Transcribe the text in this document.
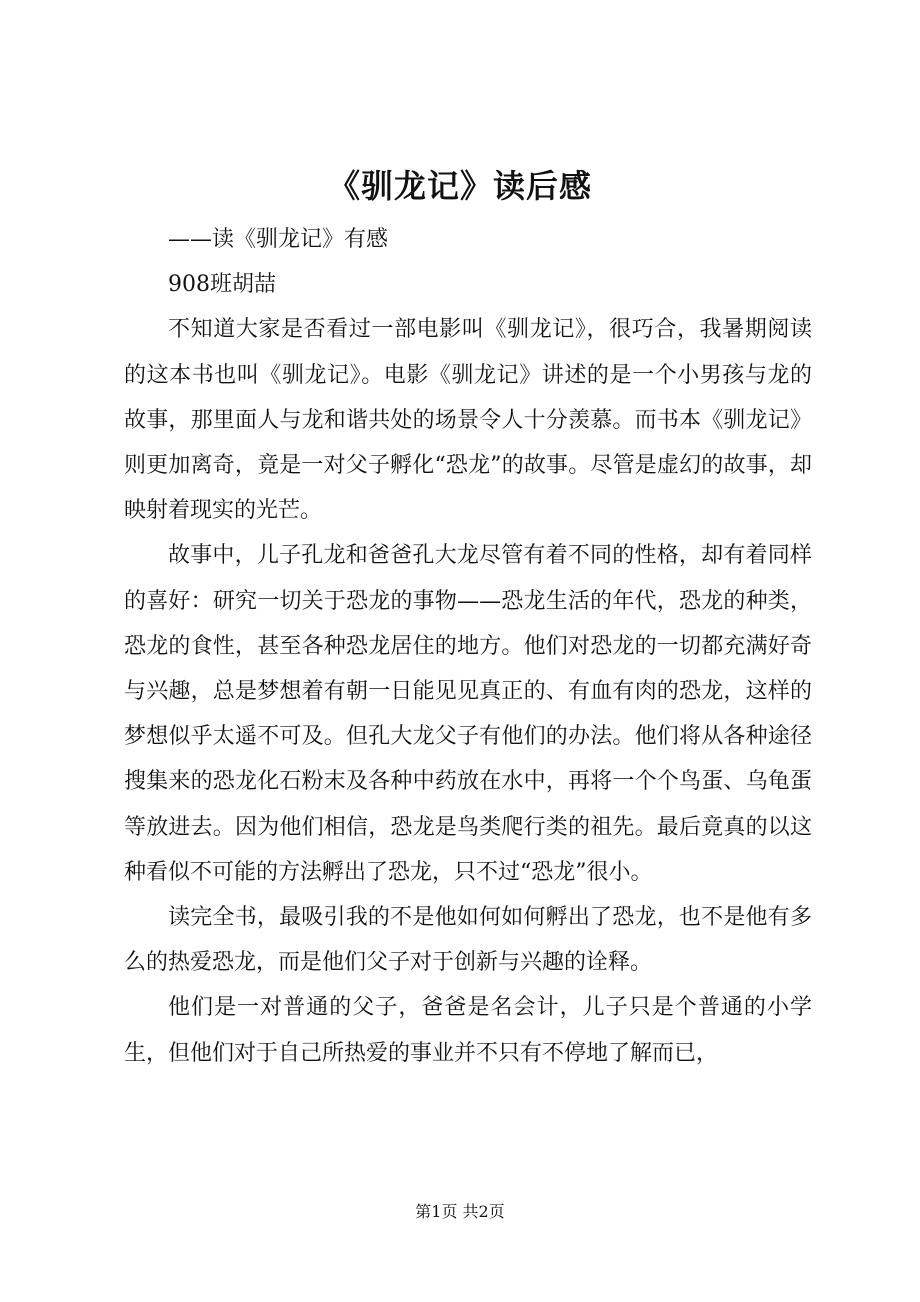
《驯龙记》读后感

——读《驯龙记》有感

908班胡喆

不知道大家是否看过一部电影叫《驯龙记》，很巧合，我暑期阅读的这本书也叫《驯龙记》。电影《驯龙记》讲述的是一个小男孩与龙的故事，那里面人与龙和谐共处的场景令人十分羡慕。而书本《驯龙记》则更加离奇，竟是一对父子孵化“恐龙”的故事。尽管是虚幻的故事，却映射着现实的光芒。

故事中，儿子孔龙和爸爸孔大龙尽管有着不同的性格，却有着同样的喜好：研究一切关于恐龙的事物——恐龙生活的年代，恐龙的种类，恐龙的食性，甚至各种恐龙居住的地方。他们对恐龙的一切都充满好奇与兴趣，总是梦想着有朝一日能见见真正的、有血有肉的恐龙，这样的梦想似乎太遥不可及。但孔大龙父子有他们的办法。他们将从各种途径搜集来的恐龙化石粉末及各种中药放在水中，再将一个个鸟蛋、乌龟蛋等放进去。因为他们相信，恐龙是鸟类爬行类的祖先。最后竟真的以这种看似不可能的方法孵出了恐龙，只不过“恐龙”很小。

读完全书，最吸引我的不是他如何如何孵出了恐龙，也不是他有多么的热爱恐龙，而是他们父子对于创新与兴趣的诠释。

他们是一对普通的父子，爸爸是名会计，儿子只是个普通的小学生，但他们对于自己所热爱的事业并不只有不停地了解而已，

第1页 共2页
